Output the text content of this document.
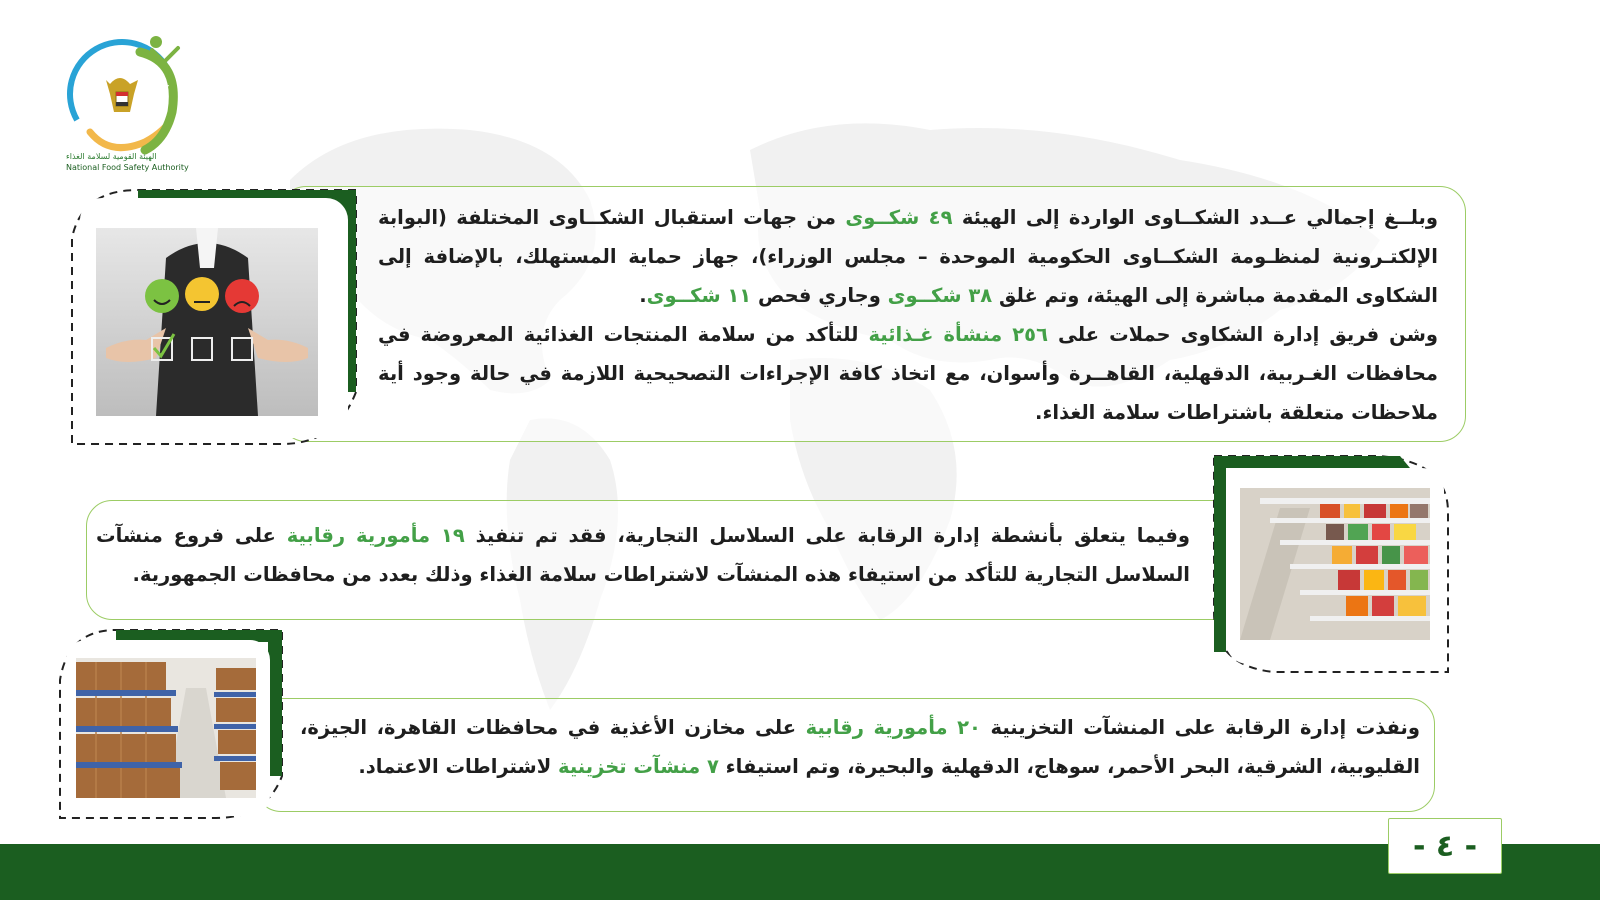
NFSA
الهيئة القومية لسلامة الغذاء
National Food Safety Authority

وبلــغ إجمالي عــدد الشكــاوى الواردة إلى الهيئة ٤٩ شكــوى من جهات استقبال الشكــاوى المختلفة (البوابة الإلكتـرونية لمنظـومة الشكــاوى الحكومية الموحدة – مجلس الوزراء)، جهاز حماية المستهلك، بالإضافة إلى الشكاوى المقدمة مباشرة إلى الهيئة، وتم غلق ٣٨ شكــوى وجاري فحص ١١ شكــوى.

وشن فريق إدارة الشكاوى حملات على ٢٥٦ منشأة غـذائية للتأكد من سلامة المنتجات الغذائية المعروضة في محافظات الغـربية، الدقهلية، القاهــرة وأسوان، مع اتخاذ كافة الإجراءات التصحيحية اللازمة في حالة وجود أية ملاحظات متعلقة باشتراطات سلامة الغذاء.

وفيما يتعلق بأنشطة إدارة الرقابة على السلاسل التجارية، فقد تم تنفيذ ١٩ مأمورية رقابية على فروع منشآت السلاسل التجارية للتأكد من استيفاء هذه المنشآت لاشتراطات سلامة الغذاء وذلك بعدد من محافظات الجمهورية.

ونفذت إدارة الرقابة على المنشآت التخزينية ٢٠ مأمورية رقابية على مخازن الأغذية في محافظات القاهرة، الجيزة، القليوبية، الشرقية، البحر الأحمر، سوهاج، الدقهلية والبحيرة، وتم استيفاء ٧ منشآت تخزينية لاشتراطات الاعتماد.

- ٤ -
